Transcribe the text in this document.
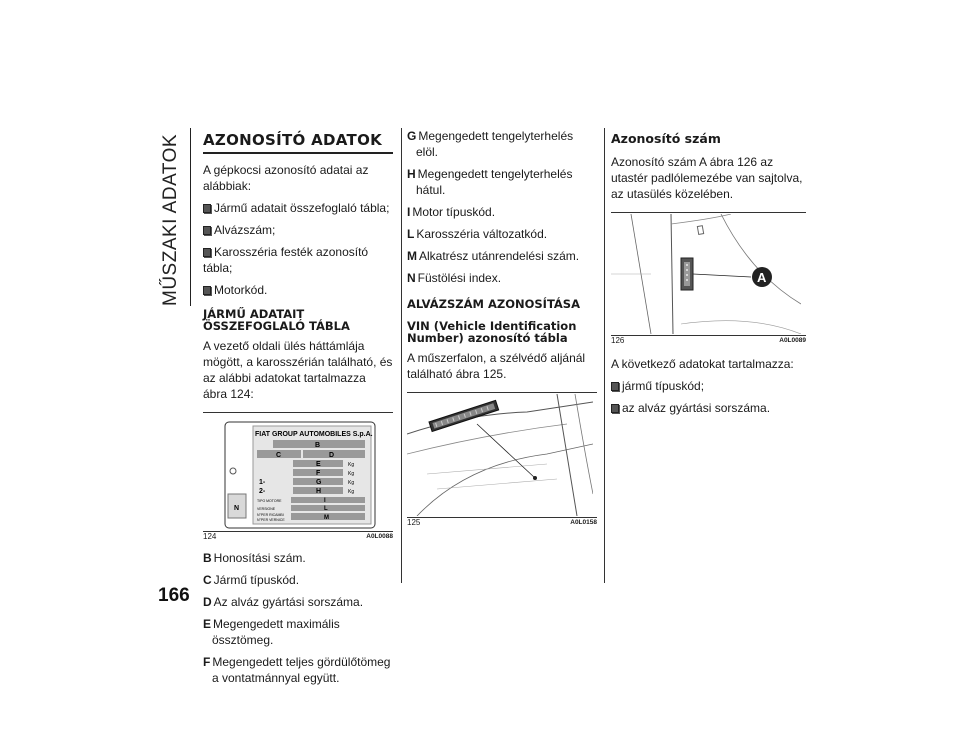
MŰSZAKI ADATOK
166
AZONOSÍTÓ ADATOK

A gépkocsi azonosító adatai az alábbiak:

Jármű adatait összefoglaló tábla;
Alvázszám;
Karosszéria festék azonosító tábla;
Motorkód.
JÁRMŰ ADATAIT ÖSSZEFOGLALÓ TÁBLA

A vezető oldali ülés háttámlája mögött, a karosszérián található, és az alábbi adatokat tartalmazza ábra 124:

FIAT GROUP AUTOMOBILES S.p.A.
B
C	D
E	Kg
F	Kg
1-	G	Kg
2-	H	Kg
TIPO MOTORE	I
VERSIONE	L
N°PER RICAMBI
N°PER VERNICE	M
N
124	A0L0088
B Honosítási szám.
C Jármű típuskód.
D Az alváz gyártási sorszáma.
E Megengedett maximális össztömeg.
F Megengedett teljes gördülőtömeg a vontatmánnyal együtt.
G Megengedett tengelyterhelés elöl.
H Megengedett tengelyterhelés hátul.
I Motor típuskód.
L Karosszéria változatkód.
M Alkatrész utánrendelési szám.
N Füstölési index.
ALVÁZSZÁM AZONOSÍTÁSA
VIN (Vehicle Identification Number) azonosító tábla

A műszerfalon, a szélvédő aljánál található ábra 125.

125	A0L0158
Azonosító szám

Azonosító szám A ábra 126 az utastér padlólemezébe van sajtolva, az utasülés közelében.

A
126	A0L0089

A következő adatokat tartalmazza:

jármű típuskód;
az alváz gyártási sorszáma.
